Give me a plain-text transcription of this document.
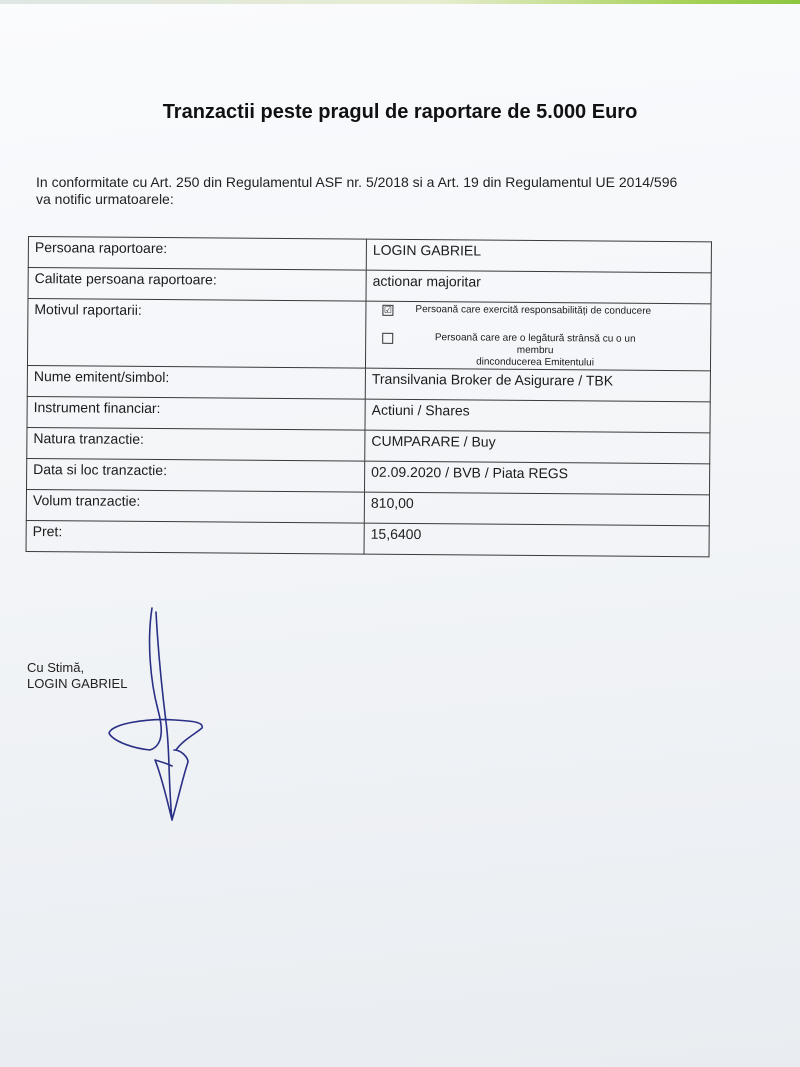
Tranzactii peste pragul de raportare de 5.000 Euro
In conformitate cu Art. 250 din Regulamentul ASF nr. 5/2018 si a Art. 19 din Regulamentul UE 2014/596
va notific urmatoarele:
Persoana raportoare:	LOGIN GABRIEL
Calitate persoana raportoare:	actionar majoritar
Motivul raportarii:	☑ Persoană care exercită responsabilități de conducere
Persoană care are o legătură strânsă cu o un membru
dinconducerea Emitentului

Nume emitent/simbol:	Transilvania Broker de Asigurare / TBK
Instrument financiar:	Actiuni / Shares
Natura tranzactie:	CUMPARARE / Buy
Data si loc tranzactie:	02.09.2020 / BVB / Piata REGS
Volum tranzactie:	810,00
Pret:	15,6400
Cu Stimă,
LOGIN GABRIEL
